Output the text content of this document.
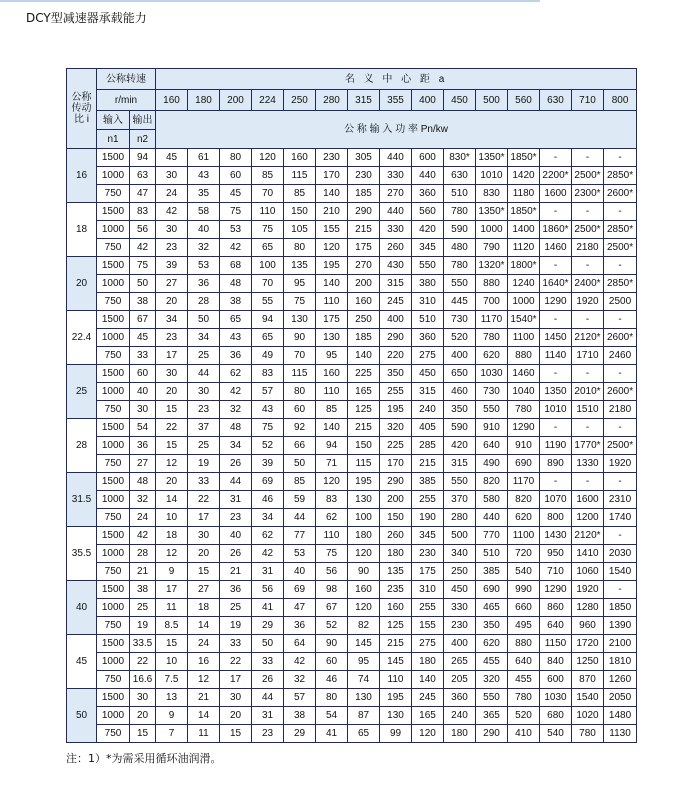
DCY型减速器承载能力
公称
传动
比 i	公称转速		名 义 中 心 距 a														
	r/min		160	180	200	224	250	280	315	355	400	450	500	560	630	710	800
	输入	输出	公 称 输 入 功 率 Pn/kw														
	n1	n2															
16	1500	94	45	61	80	120	160	230	305	440	600	830*	1350*	1850*	-	-	-
	1000	63	30	43	60	85	115	170	230	330	440	630	1010	1420	2200*	2500*	2850*
	750	47	24	35	45	70	85	140	185	270	360	510	830	1180	1600	2300*	2600*
18	1500	83	42	58	75	110	150	210	290	440	560	780	1350*	1850*	-	-	-
	1000	56	30	40	53	75	105	155	215	330	420	590	1000	1400	1860*	2500*	2850*
	750	42	23	32	42	65	80	120	175	260	345	480	790	1120	1460	2180	2500*
20	1500	75	39	53	68	100	135	195	270	430	550	780	1320*	1800*	-	-	-
	1000	50	27	36	48	70	95	140	200	315	380	550	880	1240	1640*	2400*	2850*
	750	38	20	28	38	55	75	110	160	245	310	445	700	1000	1290	1920	2500
22.4	1500	67	34	50	65	94	130	175	250	400	510	730	1170	1540*	-	-	-
	1000	45	23	34	43	65	90	130	185	290	360	520	780	1100	1450	2120*	2600*
	750	33	17	25	36	49	70	95	140	220	275	400	620	880	1140	1710	2460
25	1500	60	30	44	62	83	115	160	225	350	450	650	1030	1460	-	-	-
	1000	40	20	30	42	57	80	110	165	255	315	460	730	1040	1350	2010*	2600*
	750	30	15	23	32	43	60	85	125	195	240	350	550	780	1010	1510	2180
28	1500	54	22	37	48	75	92	140	215	320	405	590	910	1290	-	-	-
	1000	36	15	25	34	52	66	94	150	225	285	420	640	910	1190	1770*	2500*
	750	27	12	19	26	39	50	71	115	170	215	315	490	690	890	1330	1920
31.5	1500	48	20	33	44	69	85	120	195	290	385	550	820	1170	-	-	-
	1000	32	14	22	31	46	59	83	130	200	255	370	580	820	1070	1600	2310
	750	24	10	17	23	34	44	62	100	150	190	280	440	620	800	1200	1740
35.5	1500	42	18	30	40	62	77	110	180	260	345	500	770	1100	1430	2120*	-
	1000	28	12	20	26	42	53	75	120	180	230	340	510	720	950	1410	2030
	750	21	9	15	21	31	40	56	90	135	175	250	385	540	710	1060	1540
40	1500	38	17	27	36	56	69	98	160	235	310	450	690	990	1290	1920	-
	1000	25	11	18	25	41	47	67	120	160	255	330	465	660	860	1280	1850
	750	19	8.5	14	19	29	36	52	82	125	155	230	350	495	640	960	1390
45	1500	33.5	15	24	33	50	64	90	145	215	275	400	620	880	1150	1720	2100
	1000	22	10	16	22	33	42	60	95	145	180	265	455	640	840	1250	1810
	750	16.6	7.5	12	17	26	32	46	74	110	140	205	320	455	600	870	1260
50	1500	30	13	21	30	44	57	80	130	195	245	360	550	780	1030	1540	2050
	1000	20	9	14	20	31	38	54	87	130	165	240	365	520	680	1020	1480
	750	15	7	11	15	23	29	41	65	99	120	180	290	410	540	780	1130
注：1）*为需采用循环油润滑。
